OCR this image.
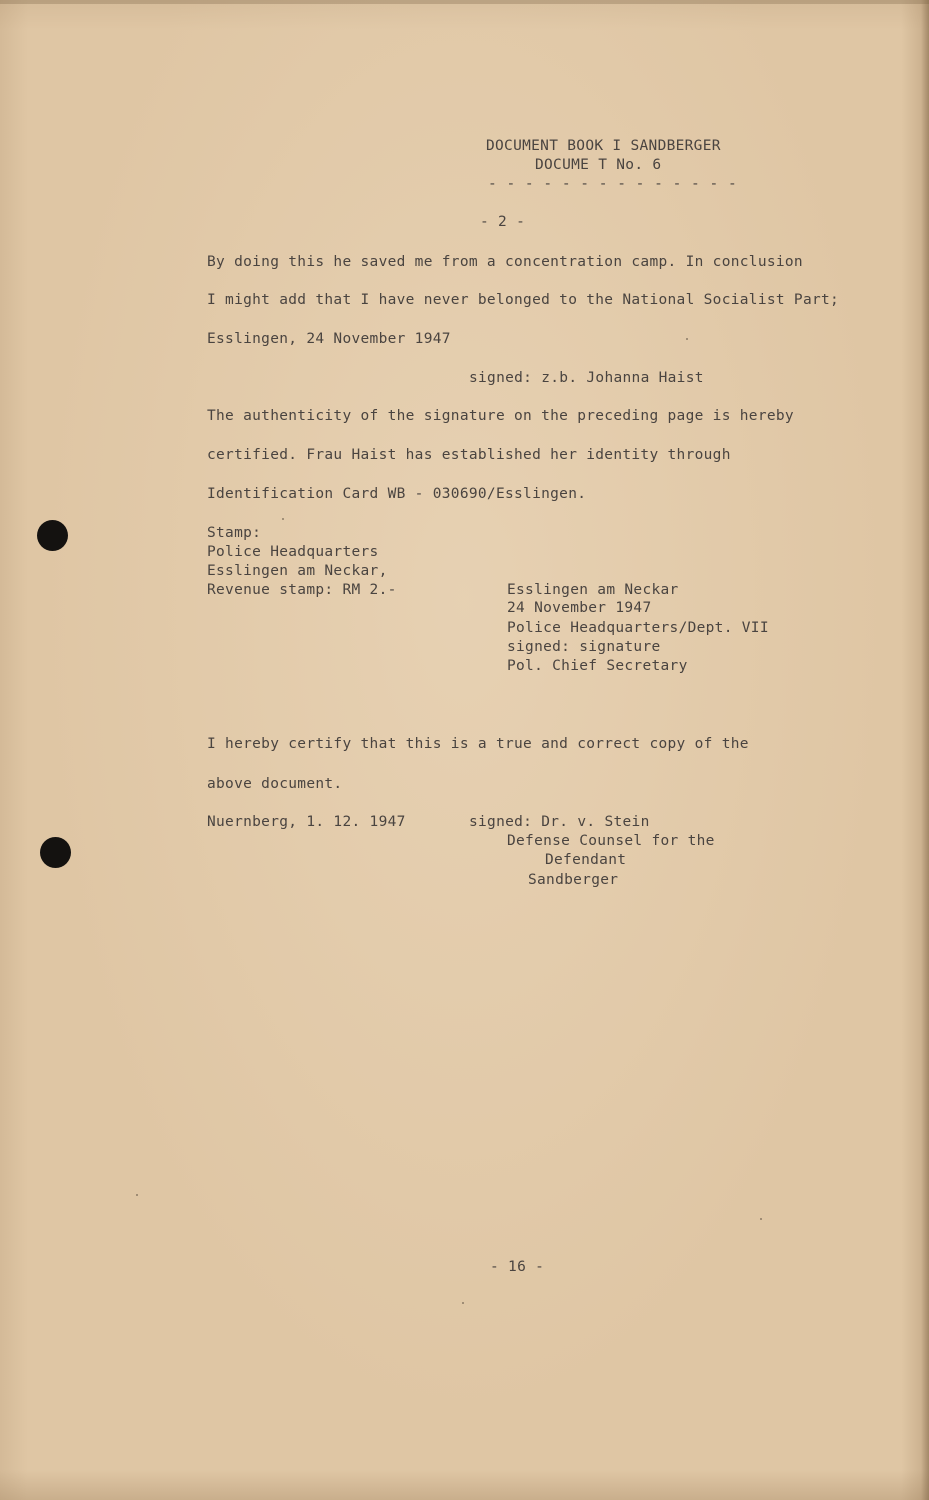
DOCUMENT BOOK I SANDBERGER
DOCUME T No. 6
- - - - - - - - - - - - - -
- 2 -
By doing this he saved me from a concentration camp. In conclusion
I might add that I have never belonged to the National Socialist Part;
Esslingen, 24 November 1947
signed: z.b. Johanna Haist
The authenticity of the signature on the preceding page is hereby
certified. Frau Haist has established her identity through
Identification Card WB - 030690/Esslingen.
Stamp:
Police Headquarters
Esslingen am Neckar,
Revenue stamp: RM 2.-	Esslingen am Neckar
24 November 1947
Police Headquarters/Dept. VII
signed: signature
Pol. Chief Secretary
I hereby certify that this is a true and correct copy of the
above document.
Nuernberg, 1. 12. 1947	signed: Dr. v. Stein
Defense Counsel for the
Defendant
Sandberger
- 16 -
